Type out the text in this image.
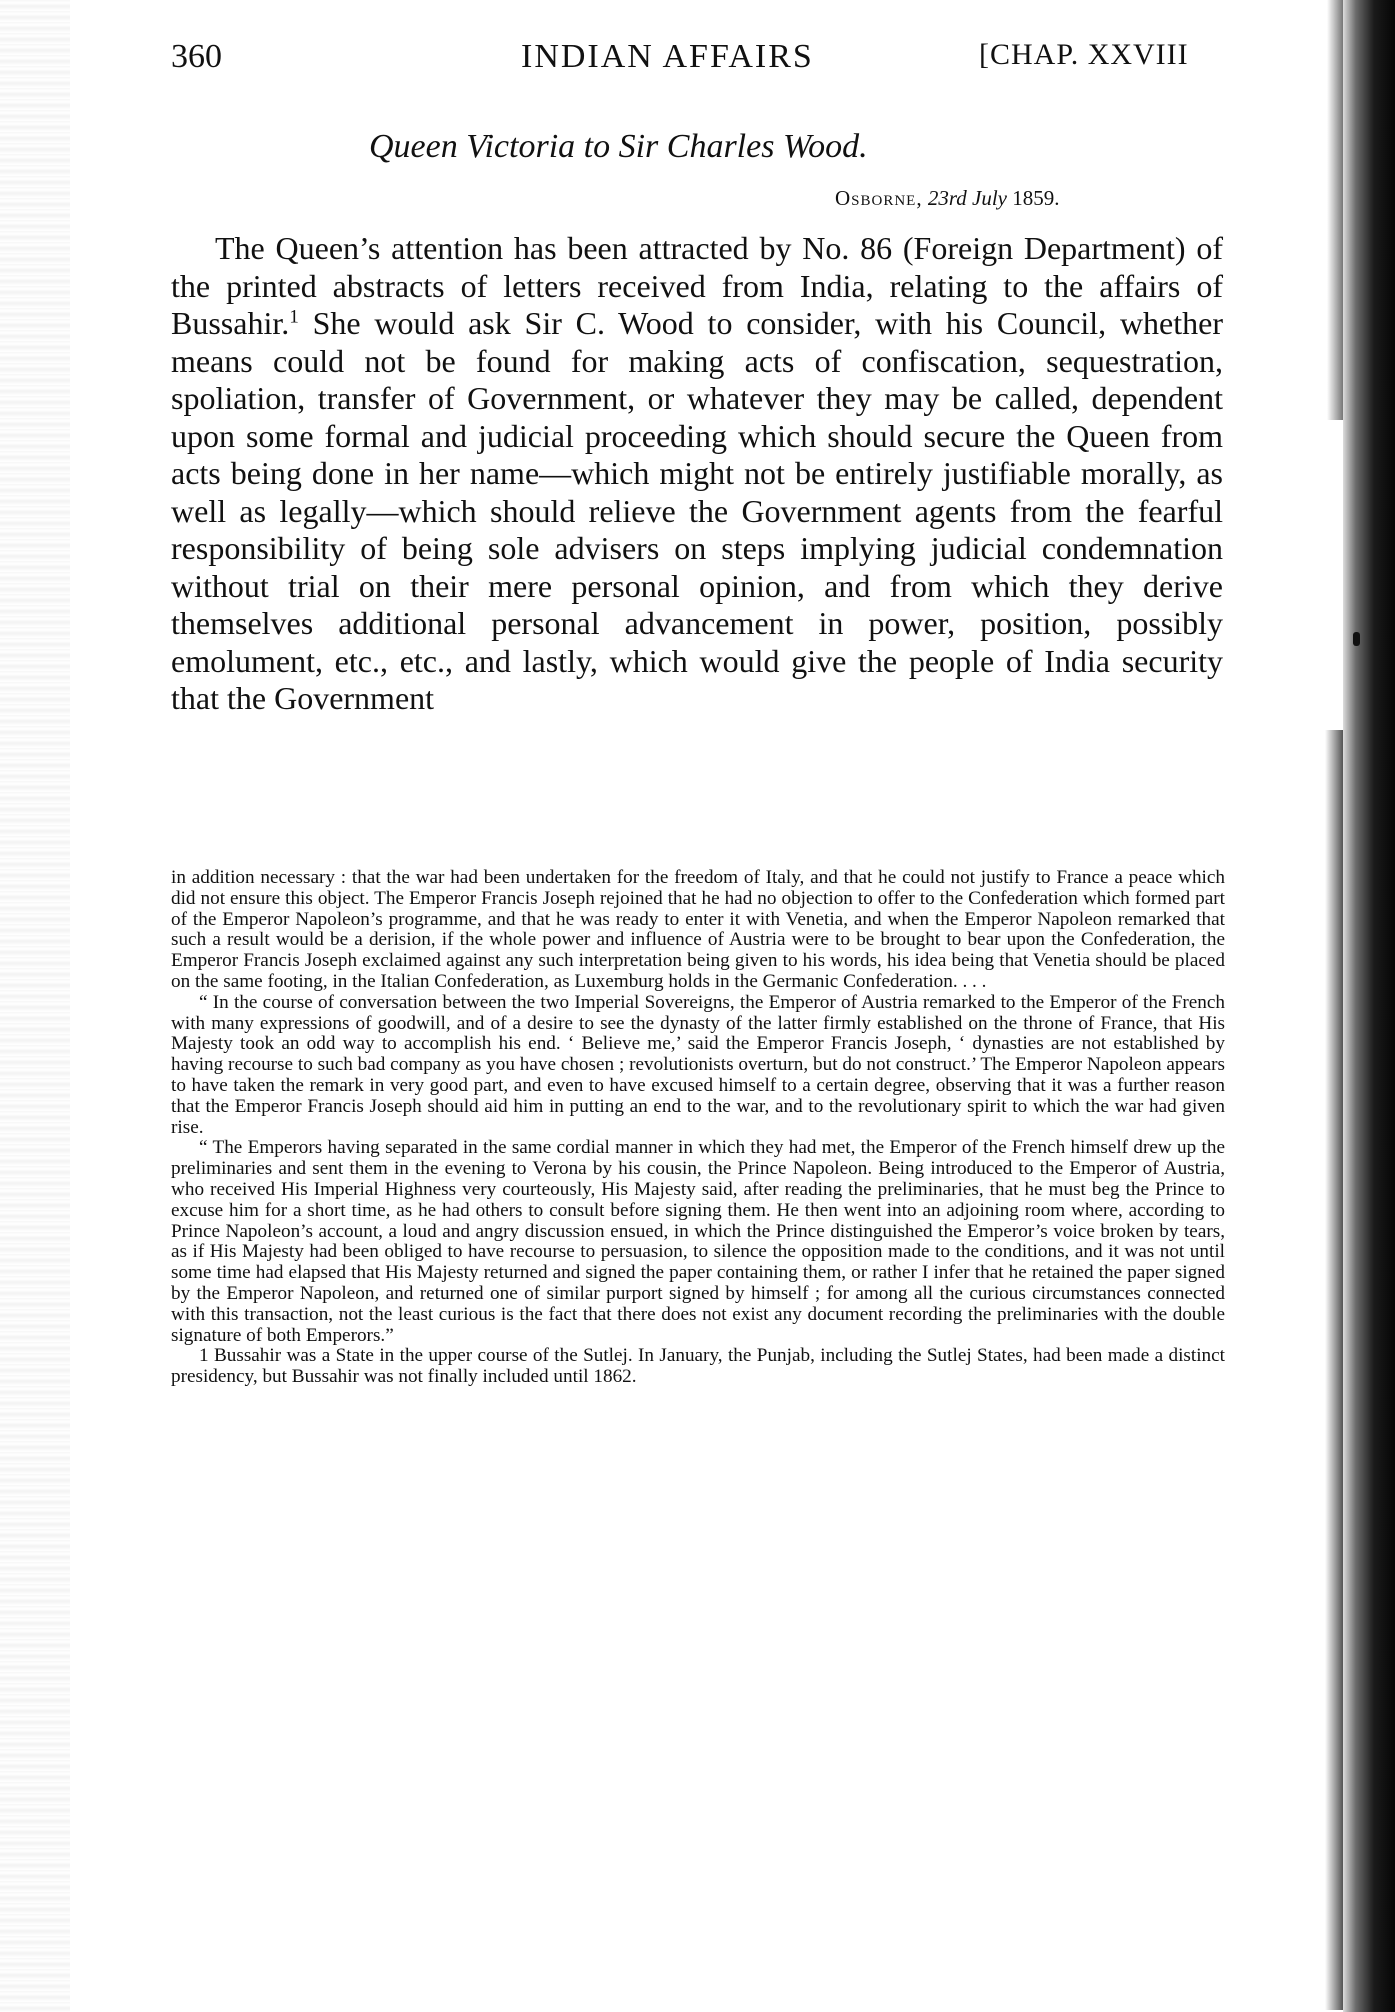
360	INDIAN AFFAIRS	[CHAP. XXVIII
Queen Victoria to Sir Charles Wood.
Osborne, 23rd July 1859.

The Queen’s attention has been attracted by No. 86 (Foreign Department) of the printed abstracts of letters received from India, relating to the affairs of Bussahir.$^1$ She would ask Sir C. Wood to consider, with his Council, whether means could not be found for making acts of confiscation, sequestration, spoliation, transfer of Government, or whatever they may be called, dependent upon some formal and judicial proceeding which should secure the Queen from acts being done in her name—which might not be entirely justifiable morally, as well as legally—which should relieve the Government agents from the fearful responsibility of being sole advisers on steps implying judicial condemnation without trial on their mere personal opinion, and from which they derive themselves additional personal advancement in power, position, possibly emolument, etc., etc., and lastly, which would give the people of India security that the Government

in addition necessary : that the war had been undertaken for the freedom of Italy, and that he could not justify to France a peace which did not ensure this object. The Emperor Francis Joseph rejoined that he had no objection to offer to the Confederation which formed part of the Emperor Napoleon’s programme, and that he was ready to enter it with Venetia, and when the Emperor Napoleon remarked that such a result would be a derision, if the whole power and influence of Austria were to be brought to bear upon the Confederation, the Emperor Francis Joseph exclaimed against any such interpretation being given to his words, his idea being that Venetia should be placed on the same footing, in the Italian Confederation, as Luxemburg holds in the Germanic Confederation. . . .

“ In the course of conversation between the two Imperial Sovereigns, the Emperor of Austria remarked to the Emperor of the French with many expressions of goodwill, and of a desire to see the dynasty of the latter firmly established on the throne of France, that His Majesty took an odd way to accomplish his end. ‘ Believe me,’ said the Emperor Francis Joseph, ‘ dynasties are not established by having recourse to such bad company as you have chosen ; revolutionists overturn, but do not construct.’ The Emperor Napoleon appears to have taken the remark in very good part, and even to have excused himself to a certain degree, observing that it was a further reason that the Emperor Francis Joseph should aid him in putting an end to the war, and to the revolutionary spirit to which the war had given rise.

“ The Emperors having separated in the same cordial manner in which they had met, the Emperor of the French himself drew up the preliminaries and sent them in the evening to Verona by his cousin, the Prince Napoleon. Being introduced to the Emperor of Austria, who received His Imperial Highness very courteously, His Majesty said, after reading the preliminaries, that he must beg the Prince to excuse him for a short time, as he had others to consult before signing them. He then went into an adjoining room where, according to Prince Napoleon’s account, a loud and angry discussion ensued, in which the Prince distinguished the Emperor’s voice broken by tears, as if His Majesty had been obliged to have recourse to persuasion, to silence the opposition made to the conditions, and it was not until some time had elapsed that His Majesty returned and signed the paper containing them, or rather I infer that he retained the paper signed by the Emperor Napoleon, and returned one of similar purport signed by himself ; for among all the curious circumstances connected with this transaction, not the least curious is the fact that there does not exist any document recording the preliminaries with the double signature of both Emperors.”

1 Bussahir was a State in the upper course of the Sutlej. In January, the Punjab, including the Sutlej States, had been made a distinct presidency, but Bussahir was not finally included until 1862.
